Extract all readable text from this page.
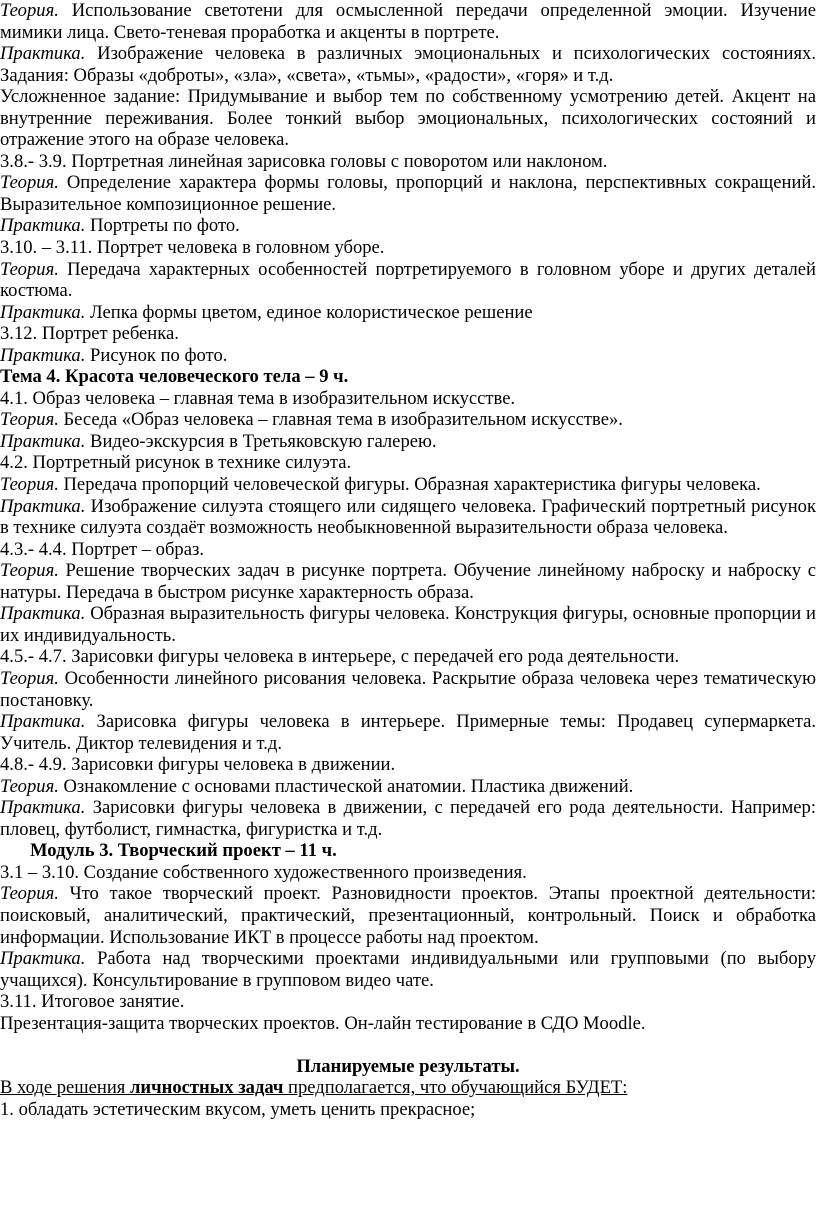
Теория. Использование светотени для осмысленной передачи определенной эмоции. Изучение мимики лица. Свето-теневая проработка и акценты в портрете.

Практика. Изображение человека в различных эмоциональных и психологических состояниях. Задания: Образы «доброты», «зла», «света», «тьмы», «радости», «горя» и т.д.

Усложненное задание: Придумывание и выбор тем по собственному усмотрению детей. Акцент на внутренние переживания. Более тонкий выбор эмоциональных, психологических состояний и отражение этого на образе человека.

3.8.- 3.9. Портретная линейная зарисовка головы с поворотом или наклоном.

Теория. Определение характера формы головы, пропорций и наклона, перспективных сокращений. Выразительное композиционное решение.

Практика. Портреты по фото.

3.10. – 3.11. Портрет человека в головном уборе.

Теория. Передача характерных особенностей портретируемого в головном уборе и других деталей костюма.

Практика. Лепка формы цветом, единое колористическое решение

3.12. Портрет ребенка.

Практика. Рисунок по фото.

Тема 4. Красота человеческого тела – 9 ч.

4.1. Образ человека – главная тема в изобразительном искусстве.

Теория. Беседа «Образ человека – главная тема в изобразительном искусстве».

Практика. Видео-экскурсия в Третьяковскую галерею.

4.2. Портретный рисунок в технике силуэта.

Теория. Передача пропорций человеческой фигуры. Образная характеристика фигуры человека.

Практика. Изображение силуэта стоящего или сидящего человека. Графический портретный рисунок в технике силуэта создаёт возможность необыкновенной выразительности образа человека.

4.3.- 4.4. Портрет – образ.

Теория. Решение творческих задач в рисунке портрета. Обучение линейному наброску и наброску с натуры. Передача в быстром рисунке характерность образа.

Практика. Образная выразительность фигуры человека. Конструкция фигуры, основные пропорции и их индивидуальность.

4.5.- 4.7. Зарисовки фигуры человека в интерьере, с передачей его рода деятельности.

Теория. Особенности линейного рисования человека. Раскрытие образа человека через тематическую постановку.

Практика. Зарисовка фигуры человека в интерьере. Примерные темы: Продавец супермаркета. Учитель. Диктор телевидения и т.д.

4.8.- 4.9. Зарисовки фигуры человека в движении.

Теория. Ознакомление с основами пластической анатомии. Пластика движений.

Практика. Зарисовки фигуры человека в движении, с передачей его рода деятельности. Например: пловец, футболист, гимнастка, фигуристка и т.д.

Модуль 3. Творческий проект – 11 ч.

3.1 – 3.10. Создание собственного художественного произведения.

Теория. Что такое творческий проект. Разновидности проектов. Этапы проектной деятельности: поисковый, аналитический, практический, презентационный, контрольный. Поиск и обработка информации. Использование ИКТ в процессе работы над проектом.

Практика. Работа над творческими проектами индивидуальными или групповыми (по выбору учащихся). Консультирование в групповом видео чате.

3.11. Итоговое занятие.

Презентация-защита творческих проектов. Он-лайн тестирование в СДО Moodle.

Планируемые результаты.

В ходе решения личностных задач предполагается, что обучающийся БУДЕТ:

1. обладать эстетическим вкусом, уметь ценить прекрасное;
